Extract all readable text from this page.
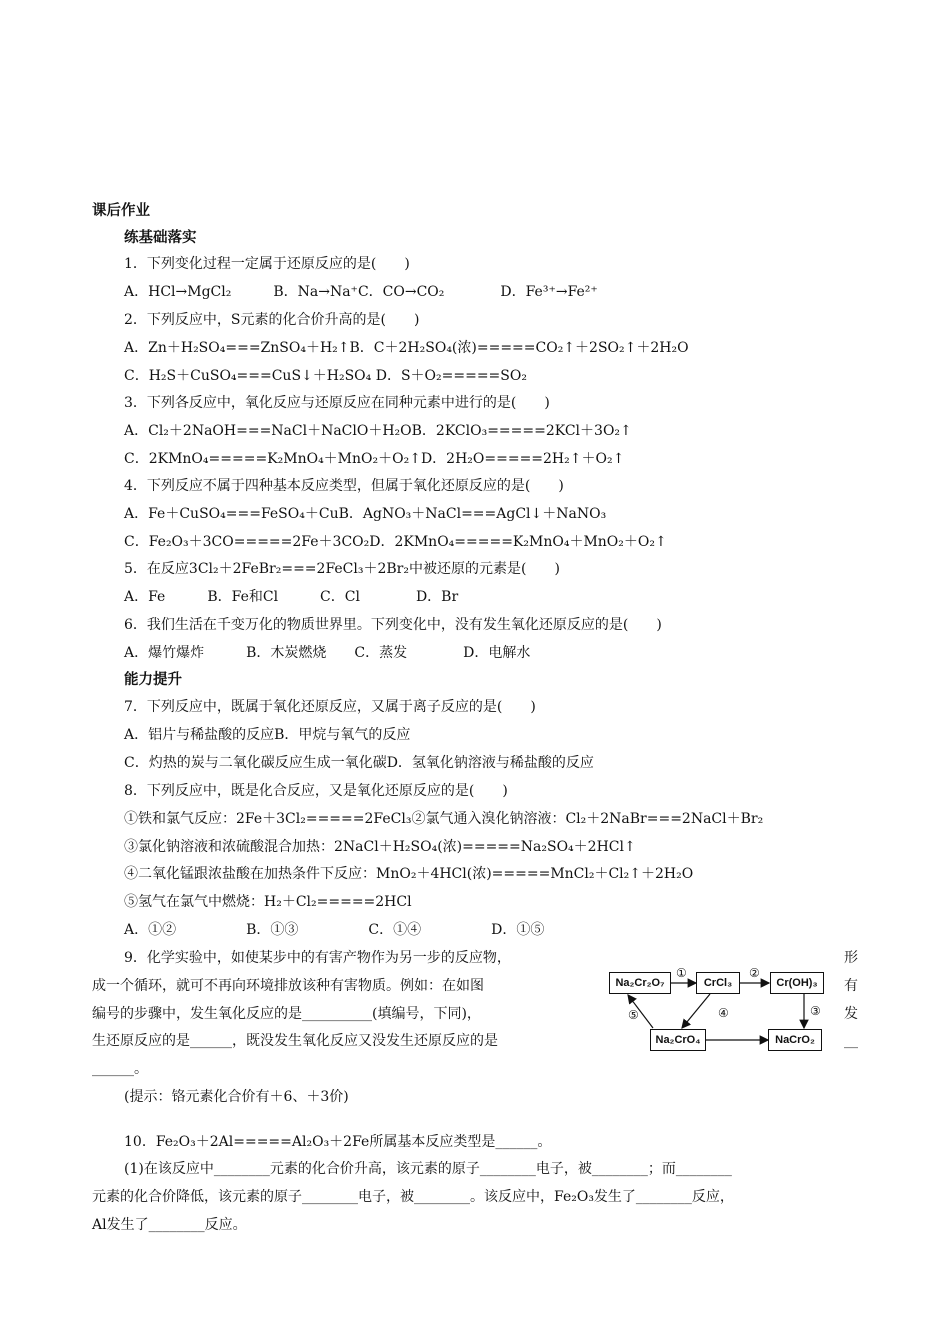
课后作业
练基础落实
1．下列变化过程一定属于还原反应的是(　　)
A．HCl→MgCl₂　　　B．Na→Na⁺C．CO→CO₂　　　　D．Fe³⁺→Fe²⁺
2．下列反应中，S元素的化合价升高的是(　　)
A．Zn＋H₂SO₄===ZnSO₄＋H₂↑B．C＋2H₂SO₄(浓)=====CO₂↑＋2SO₂↑＋2H₂O
C．H₂S＋CuSO₄===CuS↓＋H₂SO₄ D．S＋O₂=====SO₂
3．下列各反应中，氧化反应与还原反应在同种元素中进行的是(　　)
A．Cl₂＋2NaOH===NaCl＋NaClO＋H₂OB．2KClO₃=====2KCl＋3O₂↑
C．2KMnO₄=====K₂MnO₄＋MnO₂＋O₂↑D．2H₂O=====2H₂↑＋O₂↑
4．下列反应不属于四种基本反应类型，但属于氧化还原反应的是(　　)
A．Fe＋CuSO₄===FeSO₄＋CuB．AgNO₃＋NaCl===AgCl↓＋NaNO₃
C．Fe₂O₃＋3CO=====2Fe＋3CO₂D．2KMnO₄=====K₂MnO₄＋MnO₂＋O₂↑
5．在反应3Cl₂＋2FeBr₂===2FeCl₃＋2Br₂中被还原的元素是(　　)
A．Fe　　　B．Fe和Cl　　　C．Cl　　　　D．Br
6．我们生活在千变万化的物质世界里。下列变化中，没有发生氧化还原反应的是(　　)
A．爆竹爆炸　　　B．木炭燃烧　　C．蒸发　　　　D．电解水
能力提升
7．下列反应中，既属于氧化还原反应，又属于离子反应的是(　　)
A．铝片与稀盐酸的反应B．甲烷与氧气的反应
C．灼热的炭与二氧化碳反应生成一氧化碳D．氢氧化钠溶液与稀盐酸的反应
8．下列反应中，既是化合反应，又是氧化还原反应的是(　　)
①铁和氯气反应：2Fe＋3Cl₂=====2FeCl₃②氯气通入溴化钠溶液：Cl₂＋2NaBr===2NaCl＋Br₂
③氯化钠溶液和浓硫酸混合加热：2NaCl＋H₂SO₄(浓)=====Na₂SO₄＋2HCl↑
④二氧化锰跟浓盐酸在加热条件下反应：MnO₂＋4HCl(浓)=====MnCl₂＋Cl₂↑＋2H₂O
⑤氢气在氯气中燃烧：H₂＋Cl₂=====2HCl
A．①②　　　　　B．①③　　　　　C．①④　　　　　D．①⑤
9．化学实验中，如使某步中的有害产物作为另一步的反应物，
成一个循环，就可不再向环境排放该种有害物质。例如：在如图
编号的步骤中，发生氧化反应的是__________(填编号，下同)，
生还原反应的是______，既没发生氧化反应又没发生还原反应的是
______。
形
有
发
__
Na₂Cr₂O₇	CrCl₃	Cr(OH)₃
Na₂CrO₄	NaCrO₂
①	②
③
④
⑤
(提示：铬元素化合价有＋6、＋3价)
10．Fe₂O₃＋2Al=====Al₂O₃＋2Fe所属基本反应类型是______。
(1)在该反应中________元素的化合价升高，该元素的原子________电子，被________；而________
元素的化合价降低，该元素的原子________电子，被________。该反应中，Fe₂O₃发生了________反应，
Al发生了________反应。
